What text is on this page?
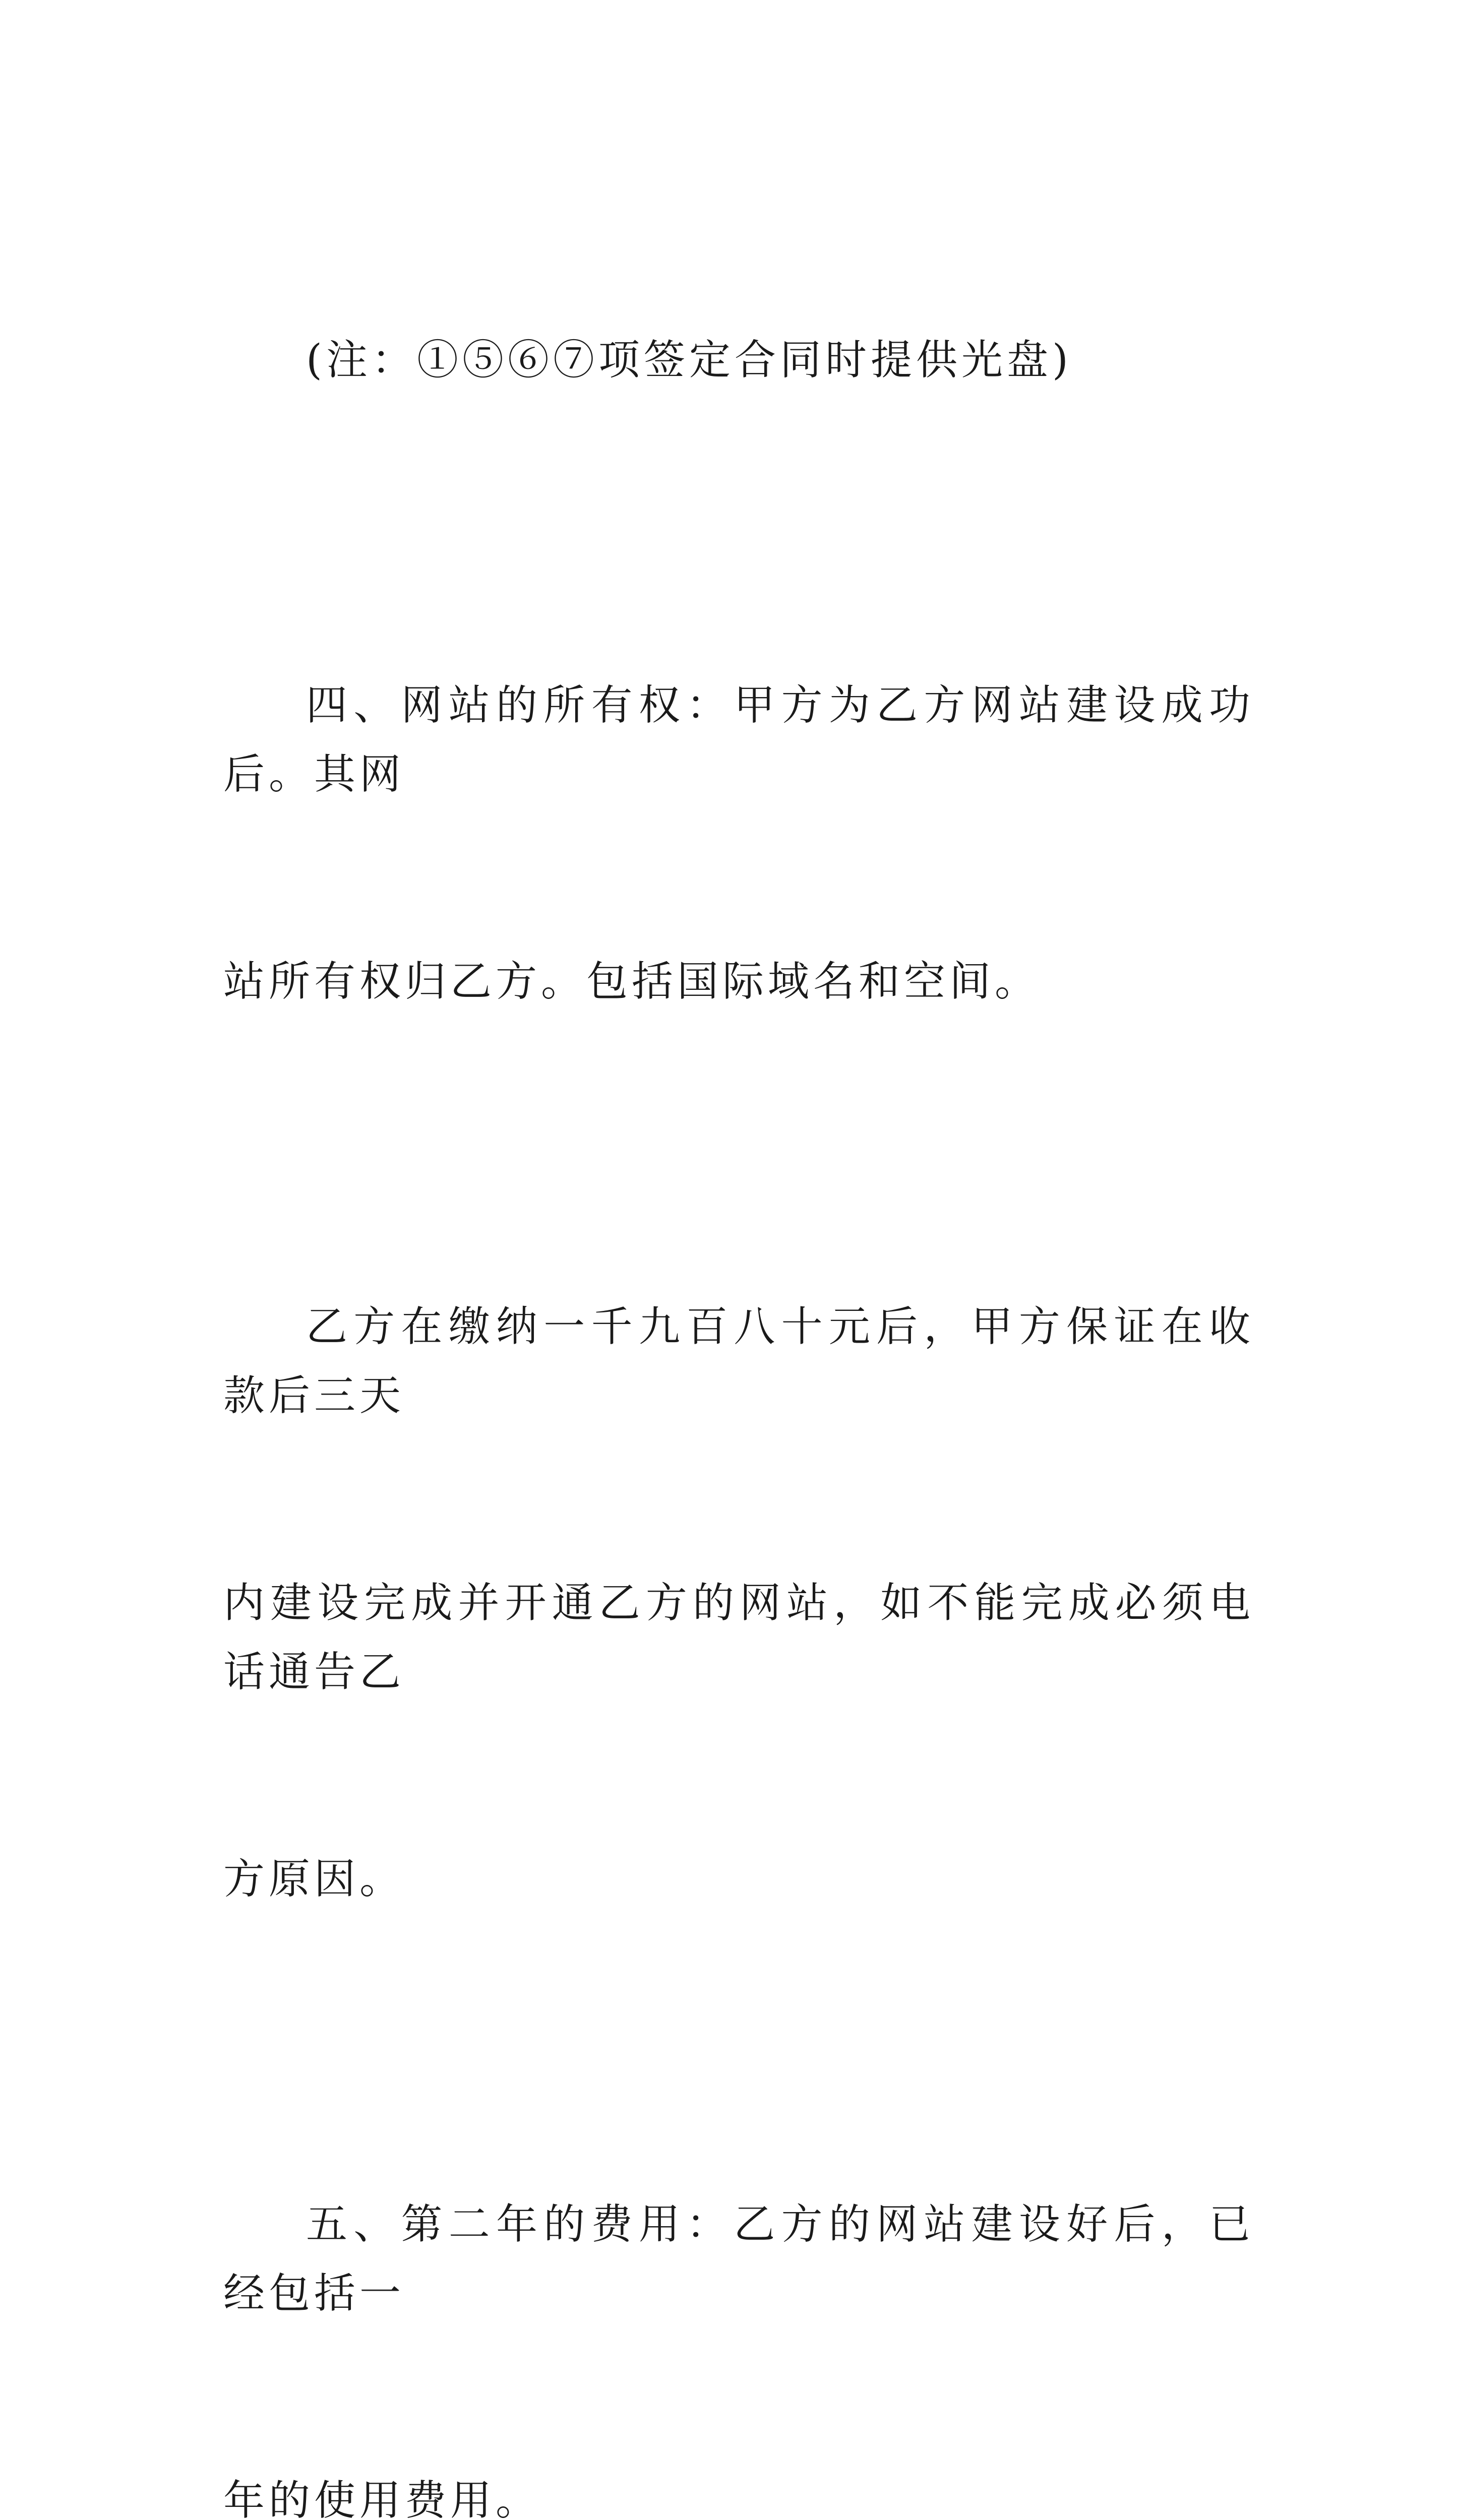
(注：①⑤⑥⑦项签定合同时提供光盘)

四、网站的所有权：甲方为乙方网站建设成功后。其网

站所有权归乙方。包括国际域名和空间。

乙方在缴纳一千九百八十元后，甲方保证在收款后三天

内建设完成并开通乙方的网站，如不能完成必须电话通告乙

方原因。

五、第二年的费用：乙方的网站建设好后，已经包括一

年的使用费用。
